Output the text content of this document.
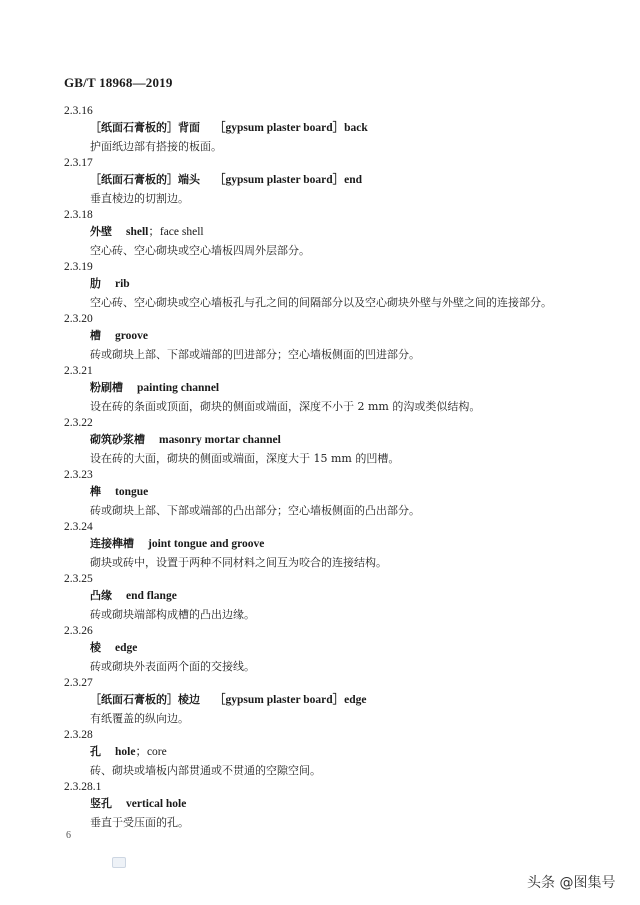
GB/T 18968—2019
2.3.16
［纸面石膏板的］背面 ［gypsum plaster board］back
护面纸边部有搭接的板面。
2.3.17
［纸面石膏板的］端头 ［gypsum plaster board］end
垂直棱边的切割边。
2.3.18
外壁 shell；face shell
空心砖、空心砌块或空心墙板四周外层部分。
2.3.19
肋 rib
空心砖、空心砌块或空心墙板孔与孔之间的间隔部分以及空心砌块外壁与外壁之间的连接部分。
2.3.20
槽 groove
砖或砌块上部、下部或端部的凹进部分；空心墙板侧面的凹进部分。
2.3.21
粉刷槽 painting channel
设在砖的条面或顶面，砌块的侧面或端面，深度不小于 2 mm 的沟或类似结构。
2.3.22
砌筑砂浆槽 masonry mortar channel
设在砖的大面，砌块的侧面或端面，深度大于 15 mm 的凹槽。
2.3.23
榫 tongue
砖或砌块上部、下部或端部的凸出部分；空心墙板侧面的凸出部分。
2.3.24
连接榫槽 joint tongue and groove
砌块或砖中，设置于两种不同材料之间互为咬合的连接结构。
2.3.25
凸缘 end flange
砖或砌块端部构成槽的凸出边缘。
2.3.26
棱 edge
砖或砌块外表面两个面的交接线。
2.3.27
［纸面石膏板的］棱边 ［gypsum plaster board］edge
有纸覆盖的纵向边。
2.3.28
孔 hole；core
砖、砌块或墙板内部贯通或不贯通的空隙空间。
2.3.28.1
竖孔 vertical hole
垂直于受压面的孔。
6
头条 @图集号
